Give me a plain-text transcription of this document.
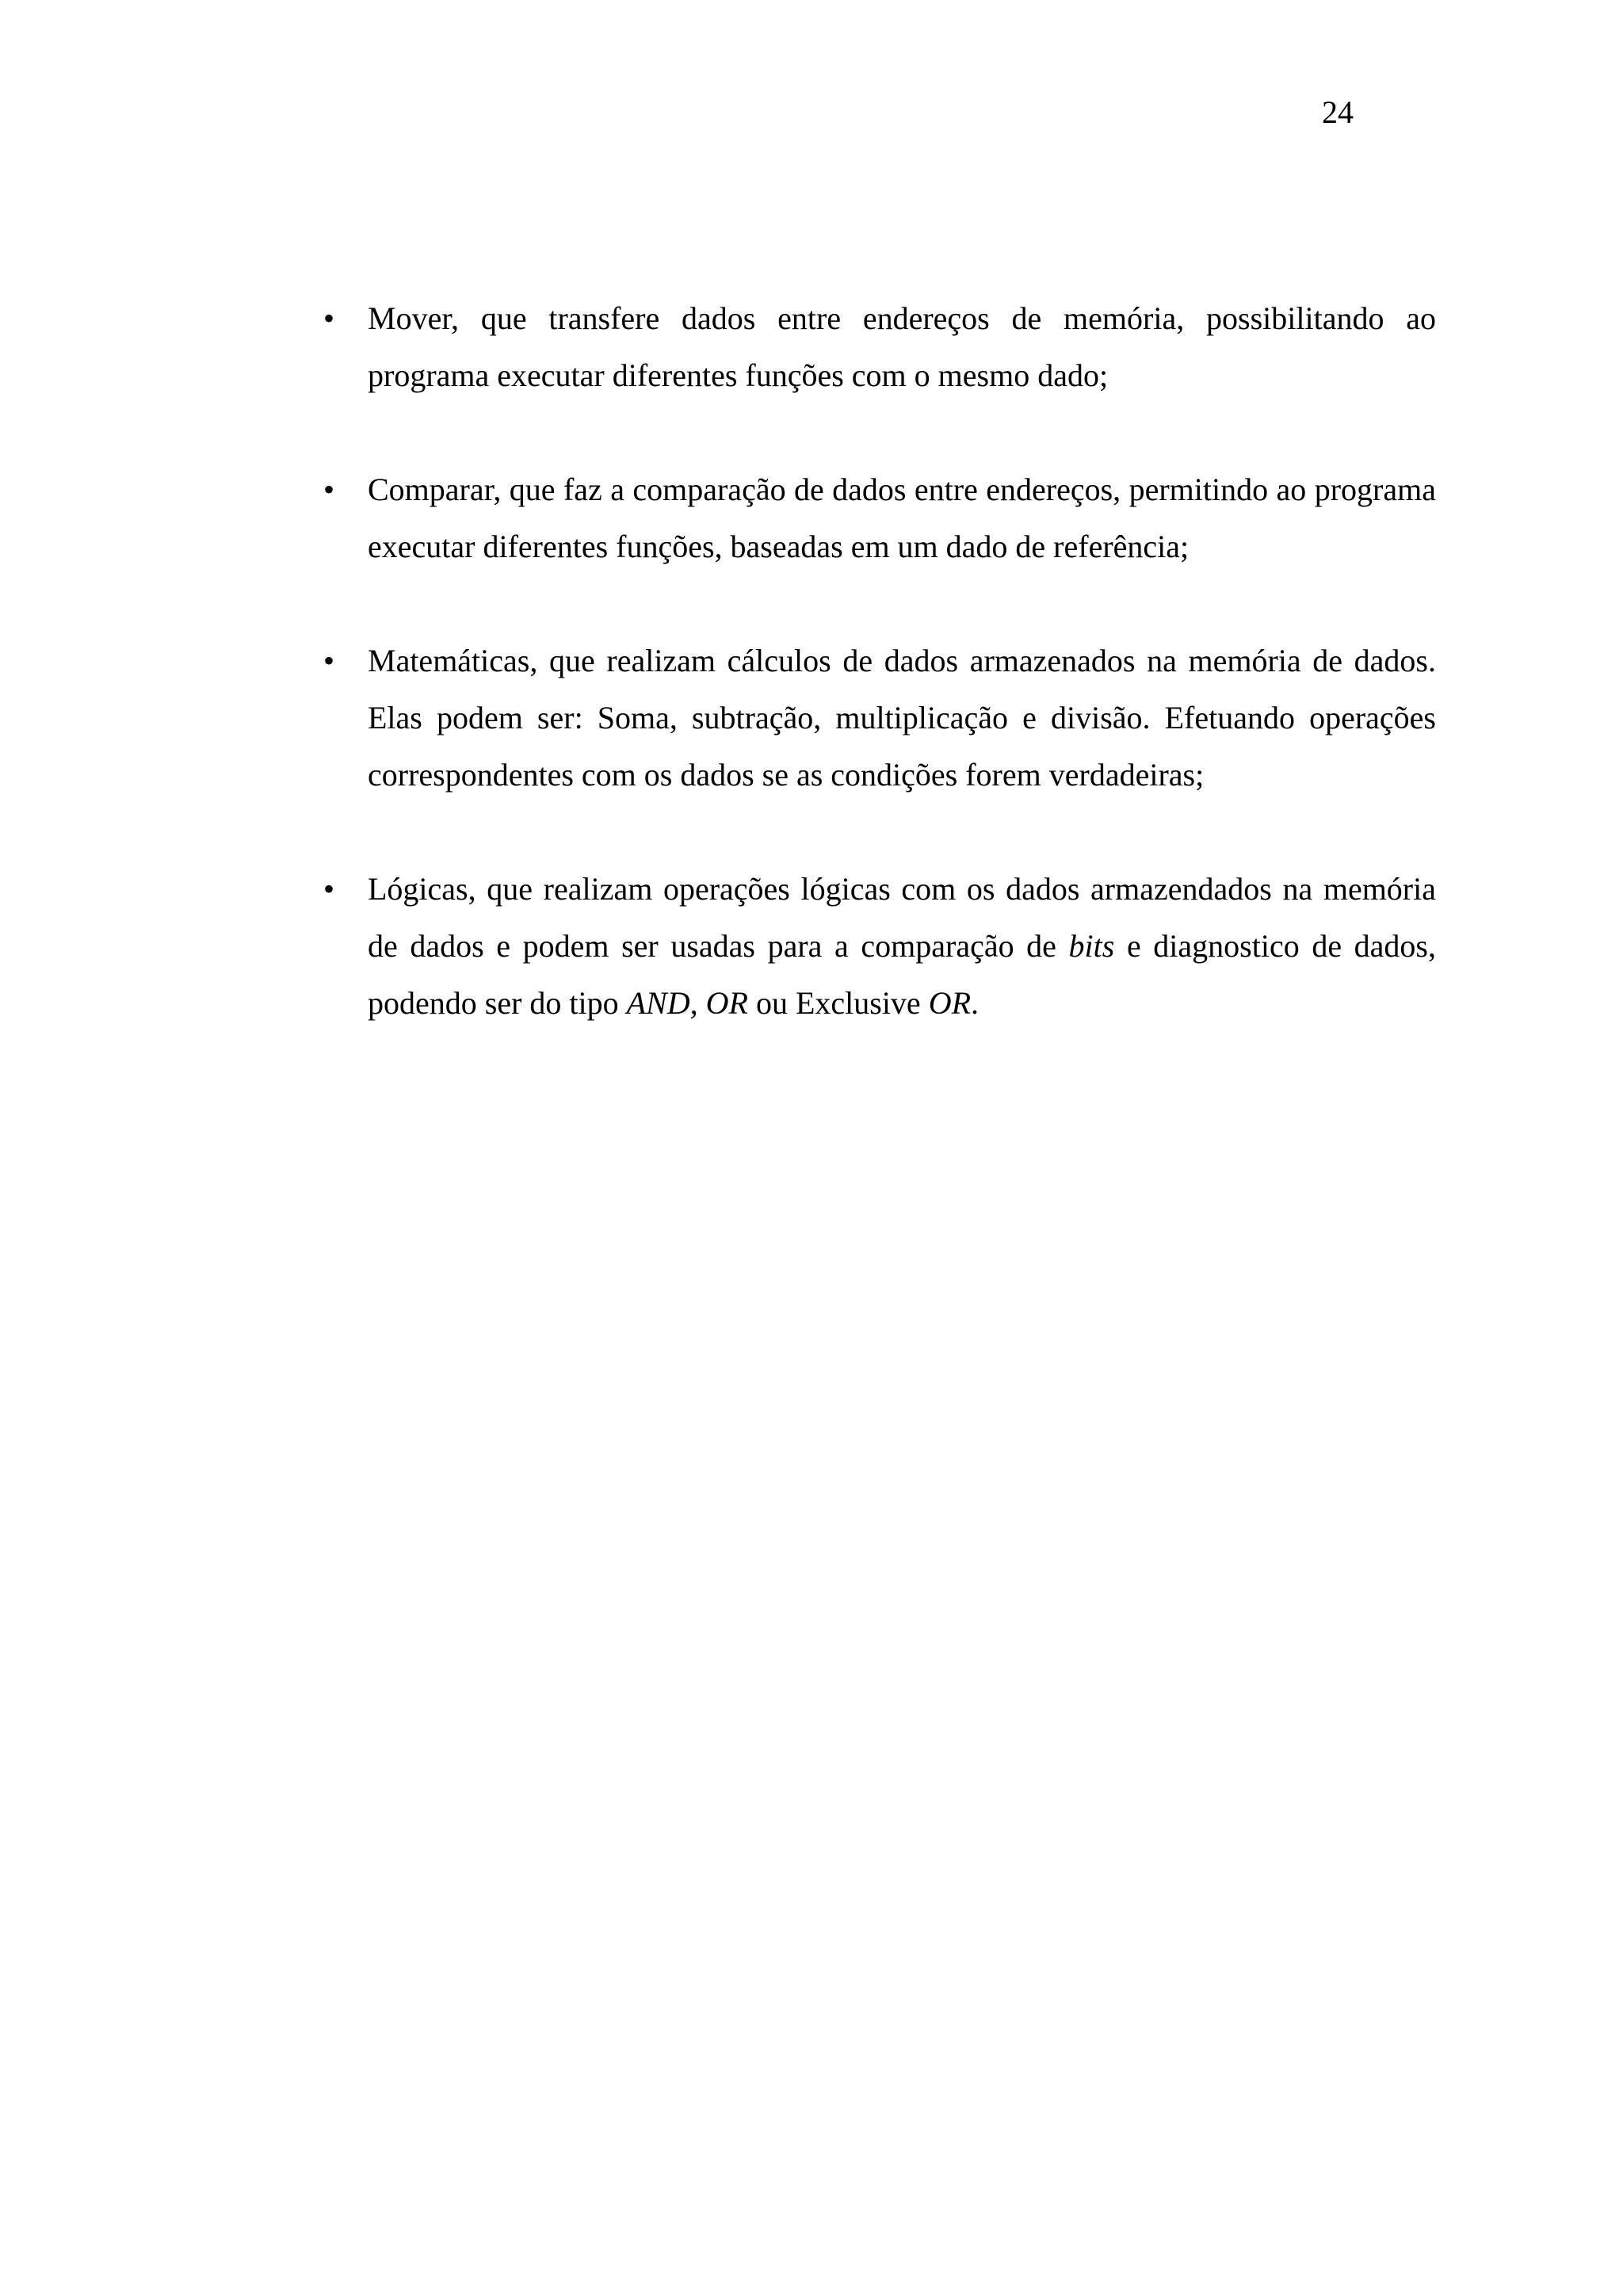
24
• Mover, que transfere dados entre endereços de memória, possibilitando ao programa executar diferentes funções com o mesmo dado;
• Comparar, que faz a comparação de dados entre endereços, permitindo ao programa executar diferentes funções, baseadas em um dado de referência;
• Matemáticas, que realizam cálculos de dados armazenados na memória de dados. Elas podem ser: Soma, subtração, multiplicação e divisão. Efetuando operações correspondentes com os dados se as condições forem verdadeiras;
• Lógicas, que realizam operações lógicas com os dados armazendados na memória de dados e podem ser usadas para a comparação de bits e diagnostico de dados, podendo ser do tipo AND, OR ou Exclusive OR.
